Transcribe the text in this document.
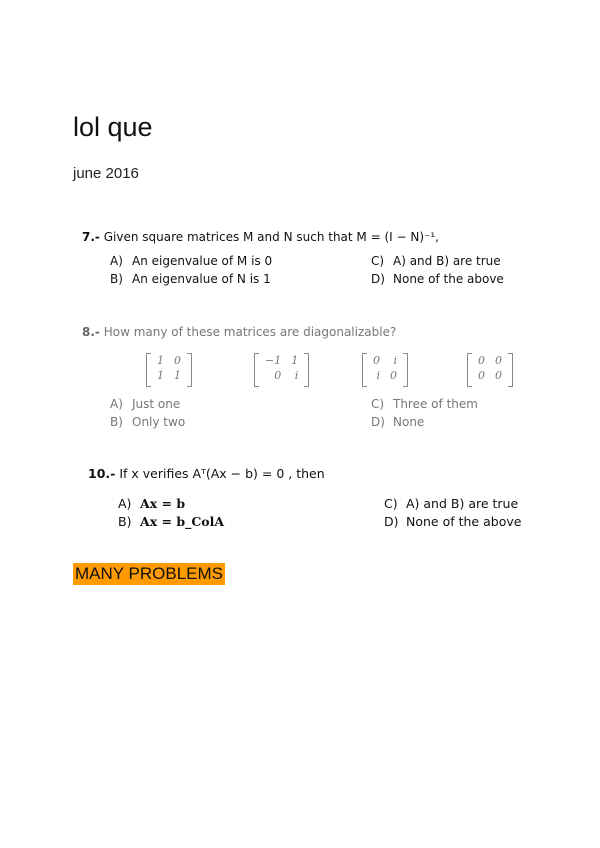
lol que
june 2016
7.- Given square matrices M and N such that M = (I − N)⁻¹,
A) An eigenvalue of M is 0
B) An eigenvalue of N is 1
C) A) and B) are true
D) None of the above
8.- How many of these matrices are diagonalizable?
1	0
1	1
−1	1
0	i
0	i
i	0
0	0
0	0
A) Just one
B) Only two
C) Three of them
D) None
10.- If x verifies Aᵀ(Ax − b) = 0 , then
A) Ax = b
B) Ax = b_ColA
C) A) and B) are true
D) None of the above
MANY PROBLEMS
